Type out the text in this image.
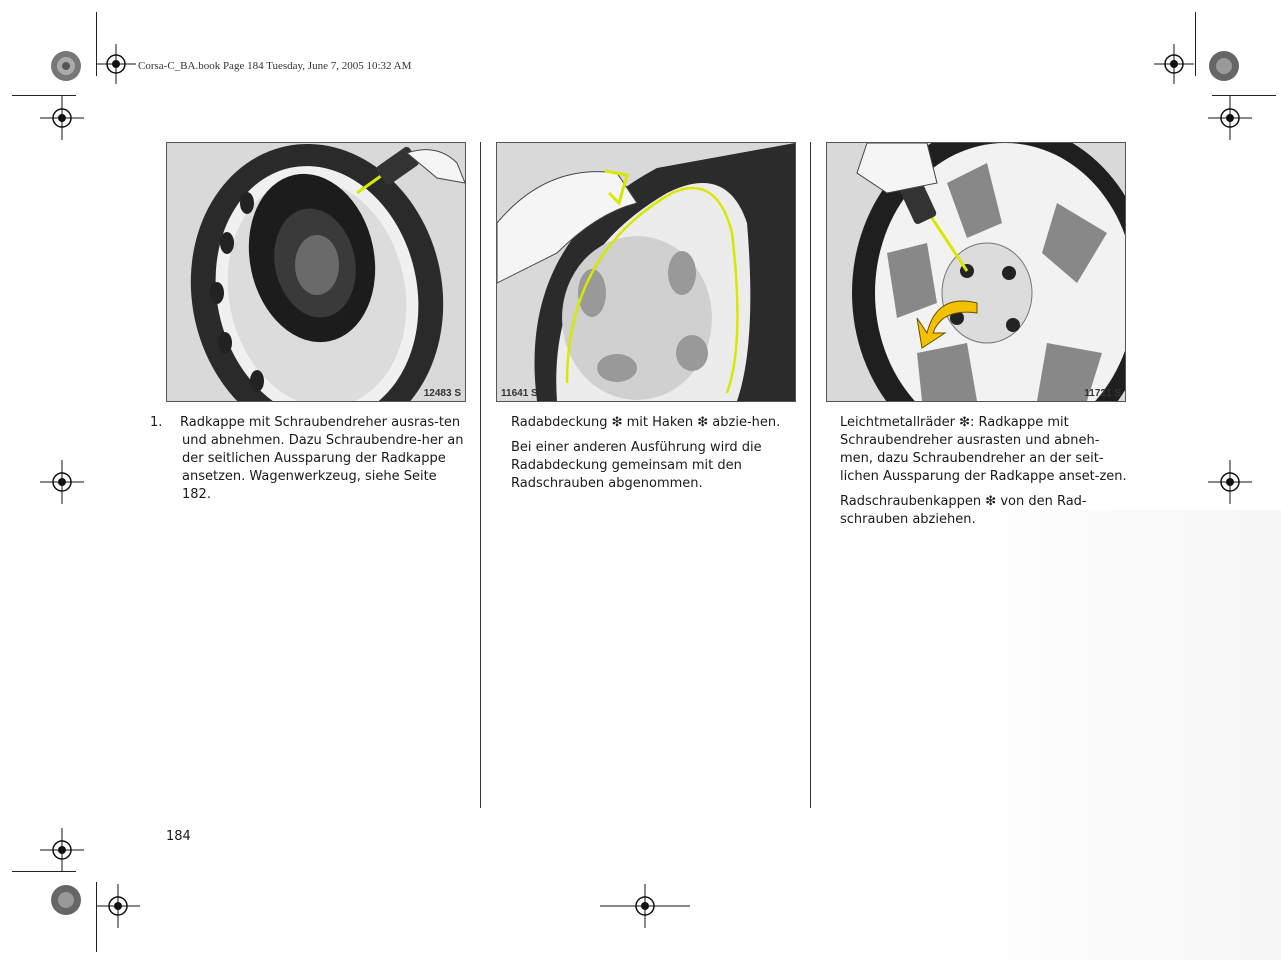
Corsa-C_BA.book Page 184 Tuesday, June 7, 2005 10:32 AM
12483 S	11641 S	11721 S

1. Radkappe mit Schraubendreher ausras-ten und abnehmen. Dazu Schraubendre-her an der seitlichen Aussparung der Radkappe ansetzen. Wagenwerkzeug, siehe Seite 182.

Radabdeckung ❇ mit Haken ❇ abzie-hen.

Bei einer anderen Ausführung wird die Radabdeckung gemeinsam mit den Radschrauben abgenommen.

Leichtmetallräder ❇: Radkappe mit Schraubendreher ausrasten und abneh-men, dazu Schraubendreher an der seit-lichen Aussparung der Radkappe anset-zen.

Radschraubenkappen ❇ von den Rad-schrauben abziehen.

184
